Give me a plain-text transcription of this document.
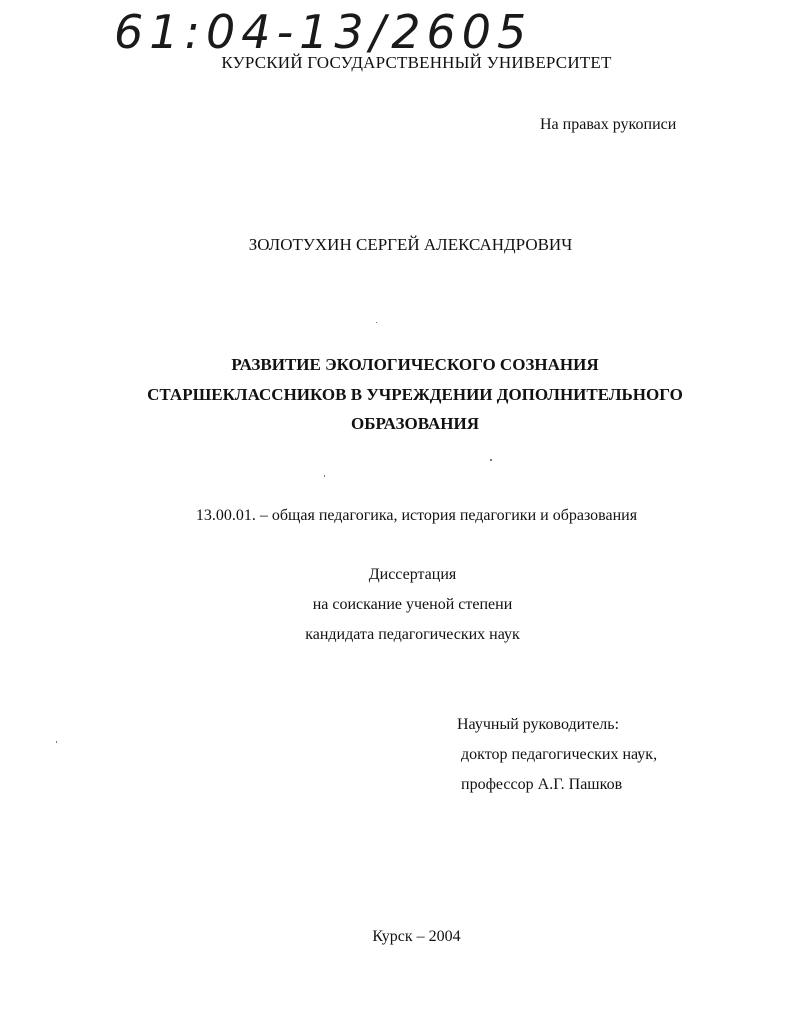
61:04-13/2605
КУРСКИЙ ГОСУДАРСТВЕННЫЙ УНИВЕРСИТЕТ
На правах рукописи
ЗОЛОТУХИН СЕРГЕЙ АЛЕКСАНДРОВИЧ
РАЗВИТИЕ ЭКОЛОГИЧЕСКОГО СОЗНАНИЯ
СТАРШЕКЛАССНИКОВ В УЧРЕЖДЕНИИ ДОПОЛНИТЕЛЬНОГО
ОБРАЗОВАНИЯ
13.00.01. – общая педагогика, история педагогики и образования
Диссертация
на соискание ученой степени
кандидата педагогических наук
Научный руководитель:
доктор педагогических наук,
профессор А.Г. Пашков
Курск – 2004
